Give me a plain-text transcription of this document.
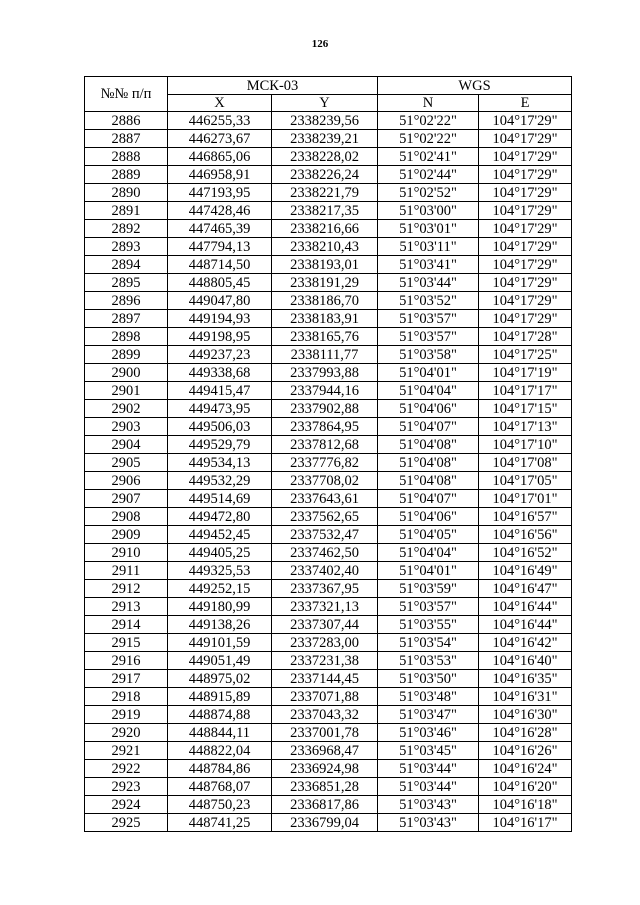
126
№№ п/п	МСК-03		WGS	
	X	Y	N	E
2886	446255,33	2338239,56	51°02'22"	104°17'29"
2887	446273,67	2338239,21	51°02'22"	104°17'29"
2888	446865,06	2338228,02	51°02'41"	104°17'29"
2889	446958,91	2338226,24	51°02'44"	104°17'29"
2890	447193,95	2338221,79	51°02'52"	104°17'29"
2891	447428,46	2338217,35	51°03'00"	104°17'29"
2892	447465,39	2338216,66	51°03'01"	104°17'29"
2893	447794,13	2338210,43	51°03'11"	104°17'29"
2894	448714,50	2338193,01	51°03'41"	104°17'29"
2895	448805,45	2338191,29	51°03'44"	104°17'29"
2896	449047,80	2338186,70	51°03'52"	104°17'29"
2897	449194,93	2338183,91	51°03'57"	104°17'29"
2898	449198,95	2338165,76	51°03'57"	104°17'28"
2899	449237,23	2338111,77	51°03'58"	104°17'25"
2900	449338,68	2337993,88	51°04'01"	104°17'19"
2901	449415,47	2337944,16	51°04'04"	104°17'17"
2902	449473,95	2337902,88	51°04'06"	104°17'15"
2903	449506,03	2337864,95	51°04'07"	104°17'13"
2904	449529,79	2337812,68	51°04'08"	104°17'10"
2905	449534,13	2337776,82	51°04'08"	104°17'08"
2906	449532,29	2337708,02	51°04'08"	104°17'05"
2907	449514,69	2337643,61	51°04'07"	104°17'01"
2908	449472,80	2337562,65	51°04'06"	104°16'57"
2909	449452,45	2337532,47	51°04'05"	104°16'56"
2910	449405,25	2337462,50	51°04'04"	104°16'52"
2911	449325,53	2337402,40	51°04'01"	104°16'49"
2912	449252,15	2337367,95	51°03'59"	104°16'47"
2913	449180,99	2337321,13	51°03'57"	104°16'44"
2914	449138,26	2337307,44	51°03'55"	104°16'44"
2915	449101,59	2337283,00	51°03'54"	104°16'42"
2916	449051,49	2337231,38	51°03'53"	104°16'40"
2917	448975,02	2337144,45	51°03'50"	104°16'35"
2918	448915,89	2337071,88	51°03'48"	104°16'31"
2919	448874,88	2337043,32	51°03'47"	104°16'30"
2920	448844,11	2337001,78	51°03'46"	104°16'28"
2921	448822,04	2336968,47	51°03'45"	104°16'26"
2922	448784,86	2336924,98	51°03'44"	104°16'24"
2923	448768,07	2336851,28	51°03'44"	104°16'20"
2924	448750,23	2336817,86	51°03'43"	104°16'18"
2925	448741,25	2336799,04	51°03'43"	104°16'17"
